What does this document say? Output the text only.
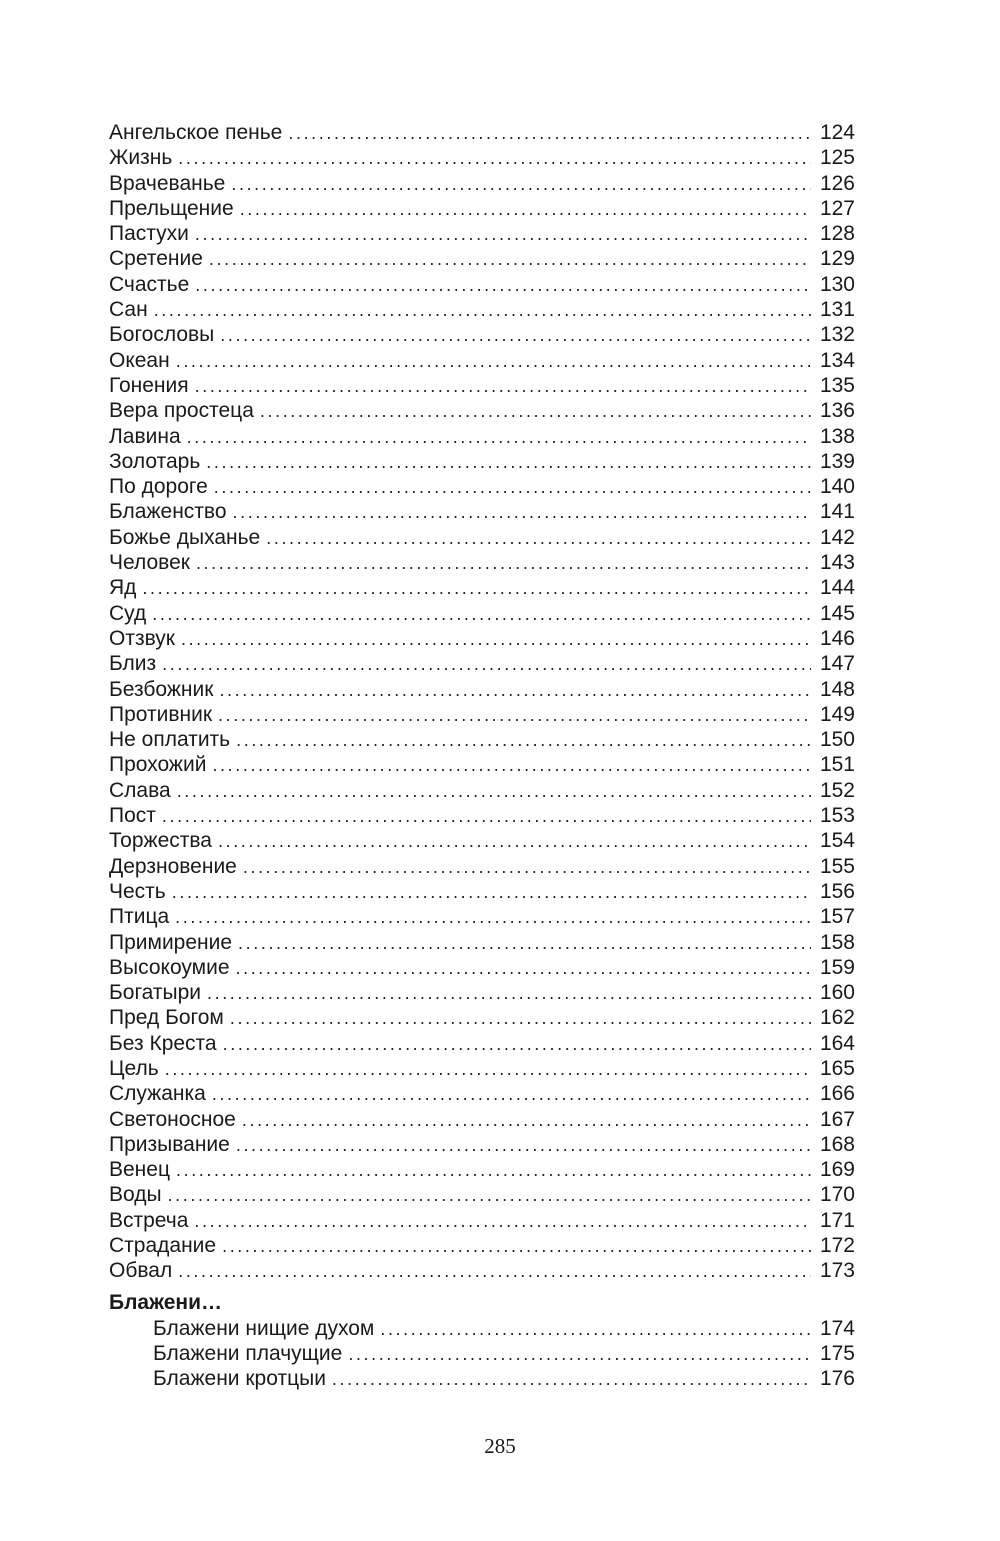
Ангельское пенье . . .	124
Жизнь . . .	125
Врачеванье . . .	126
Прельщение . . .	127
Пастухи . . .	128
Сретение . . .	129
Счастье . . .	130
Сан . . .	131
Богословы . . .	132
Океан . . .	134
Гонения . . .	135
Вера простеца . . .	136
Лавина . . .	138
Золотарь . . .	139
По дороге . . .	140
Блаженство . . .	141
Божье дыханье . . .	142
Человек . . .	143
Яд . . .	144
Суд . . .	145
Отзвук . . .	146
Близ . . .	147
Безбожник . . .	148
Противник . . .	149
Не оплатить . . .	150
Прохожий . . .	151
Слава . . .	152
Пост . . .	153
Торжества . . .	154
Дерзновение . . .	155
Честь . . .	156
Птица . . .	157
Примирение . . .	158
Высокоумие . . .	159
Богатыри . . .	160
Пред Богом . . .	162
Без Креста . . .	164
Цель . . .	165
Служанка . . .	166
Светоносное . . .	167
Призывание . . .	168
Венец . . .	169
Воды . . .	170
Встреча . . .	171
Страдание . . .	172
Обвал . . .	173
Блажени…
Блажени нищие духом . . .	174
Блажени плачущие . . .	175
Блажени кротцыи . . .	176
285
